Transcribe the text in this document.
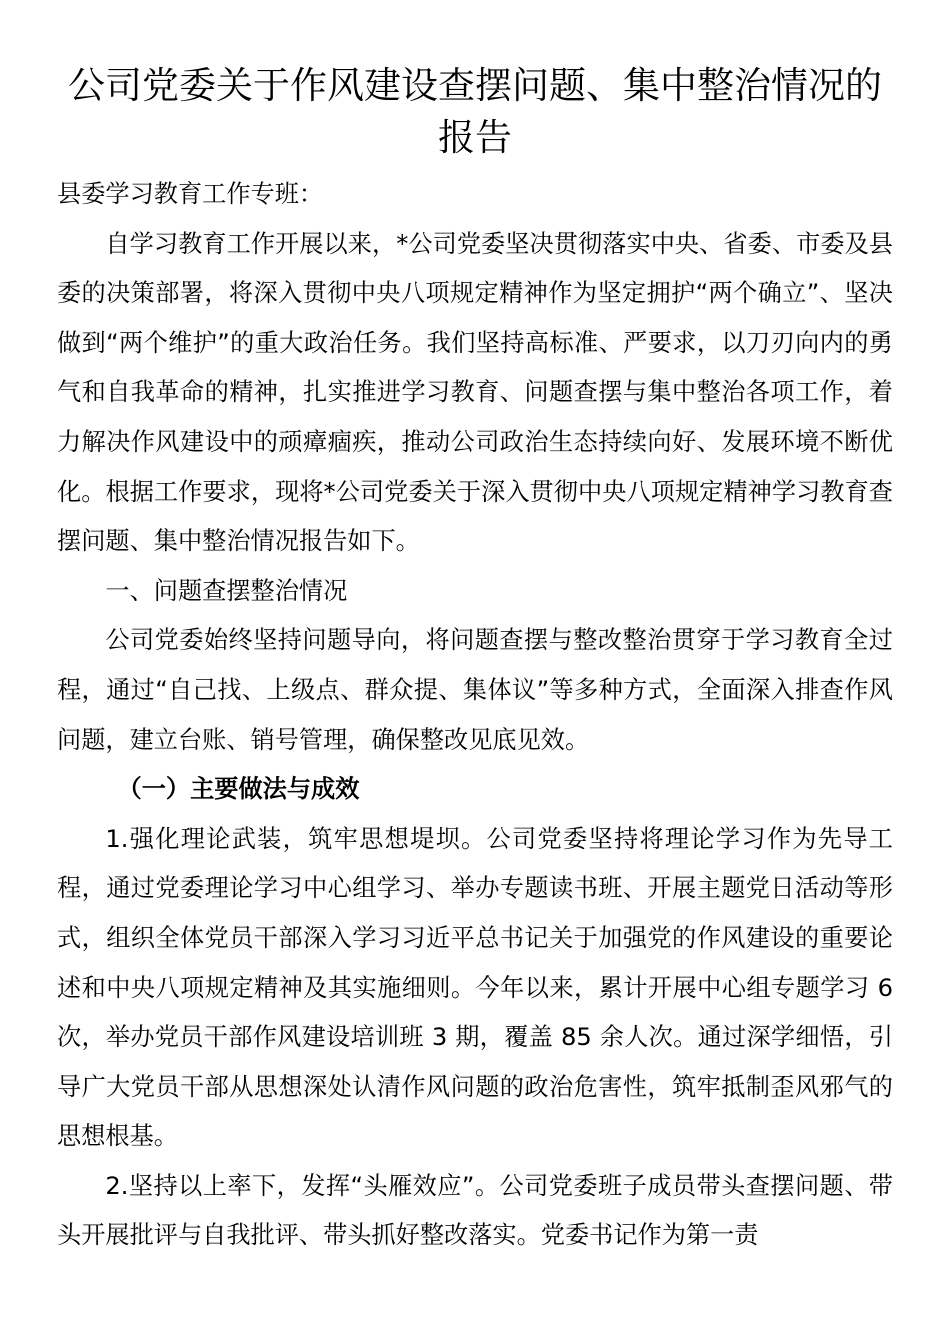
公司党委关于作风建设查摆问题、集中整治情况的报告

县委学习教育工作专班：

自学习教育工作开展以来，*公司党委坚决贯彻落实中央、省委、市委及县委的决策部署，将深入贯彻中央八项规定精神作为坚定拥护“两个确立”、坚决做到“两个维护”的重大政治任务。我们坚持高标准、严要求，以刀刃向内的勇气和自我革命的精神，扎实推进学习教育、问题查摆与集中整治各项工作，着力解决作风建设中的顽瘴痼疾，推动公司政治生态持续向好、发展环境不断优化。根据工作要求，现将*公司党委关于深入贯彻中央八项规定精神学习教育查摆问题、集中整治情况报告如下。

一、问题查摆整治情况

公司党委始终坚持问题导向，将问题查摆与整改整治贯穿于学习教育全过程，通过“自己找、上级点、群众提、集体议”等多种方式，全面深入排查作风问题，建立台账、销号管理，确保整改见底见效。

（一）主要做法与成效

1.强化理论武装，筑牢思想堤坝。公司党委坚持将理论学习作为先导工程，通过党委理论学习中心组学习、举办专题读书班、开展主题党日活动等形式，组织全体党员干部深入学习习近平总书记关于加强党的作风建设的重要论述和中央八项规定精神及其实施细则。今年以来，累计开展中心组专题学习 6 次，举办党员干部作风建设培训班 3 期，覆盖 85 余人次。通过深学细悟，引导广大党员干部从思想深处认清作风问题的政治危害性，筑牢抵制歪风邪气的思想根基。

2.坚持以上率下，发挥“头雁效应”。公司党委班子成员带头查摆问题、带头开展批评与自我批评、带头抓好整改落实。党委书记作为第一责
